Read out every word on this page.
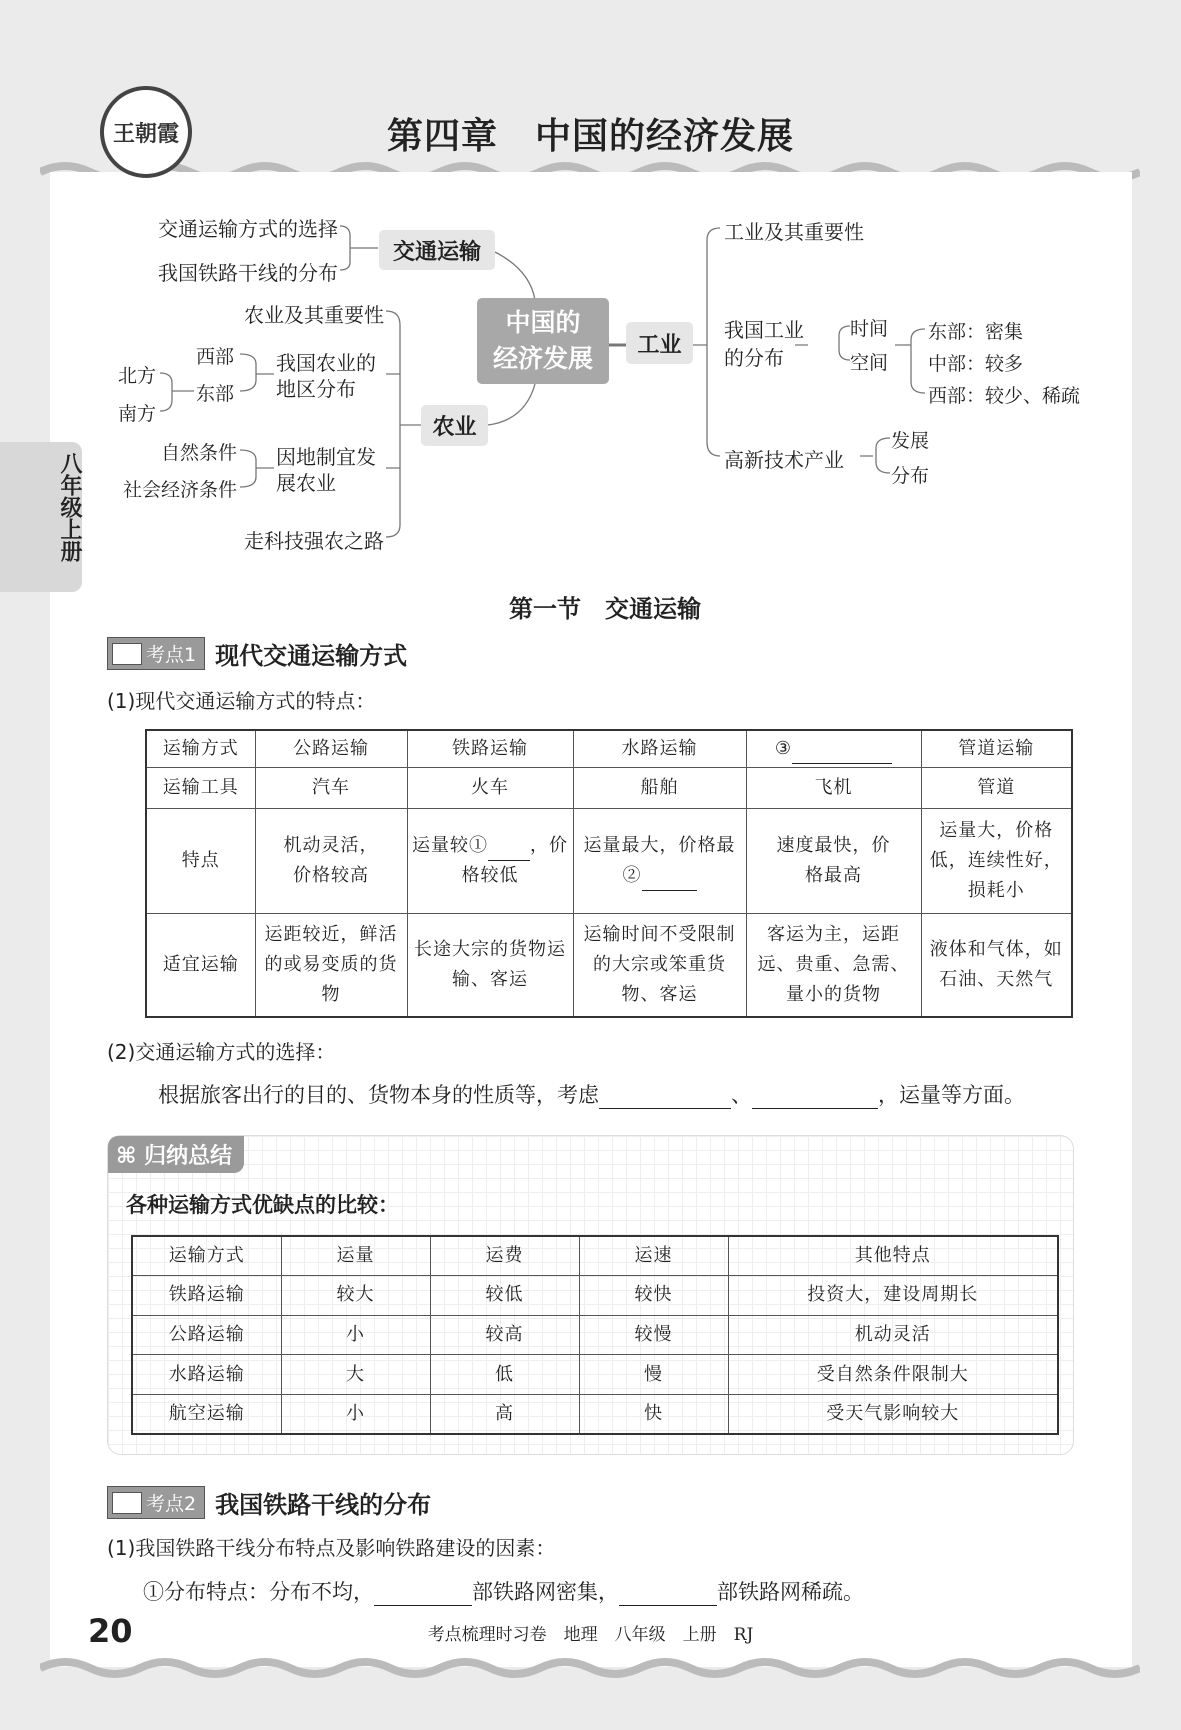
王朝霞	第四章　中国的经济发展
八年级上册
交通运输方式的选择
我国铁路干线的分布
交通运输
中国的
经济发展	工业
农业
工业及其重要性
我国工业
的分布
时间
空间
东部：密集
中部：较多
西部：较少、稀疏
高新技术产业
发展
分布
农业及其重要性
我国农业的
地区分布
西部
东部
北方
南方
自然条件
社会经济条件
因地制宜发
展农业
走科技强农之路
第一节　交通运输
考点1 现代交通运输方式
(1)现代交通运输方式的特点：
运输方式	公路运输	铁路运输	水路运输	③	管道运输
运输工具	汽车	火车	船舶	飞机	管道
特点	机动灵活，价格较高	运量较① ，价格较低	运量最大，价格最②	速度最快，价格最高	运量大，价格低，连续性好，损耗小
适宜运输	运距较近，鲜活的或易变质的货物	长途大宗的货物运输、客运	运输时间不受限制的大宗或笨重货物、客运	客运为主，运距远、贵重、急需、量小的货物	液体和气体，如石油、天然气
(2)交通运输方式的选择：
根据旅客出行的目的、货物本身的性质等，考虑	、	，运量等方面。
⌘ 归纳总结
各种运输方式优缺点的比较：
运输方式	运量	运费	运速	其他特点
铁路运输	较大	较低	较快	投资大，建设周期长
公路运输	小	较高	较慢	机动灵活
水路运输	大	低	慢	受自然条件限制大
航空运输	小	高	快	受天气影响较大
考点2 我国铁路干线的分布
(1)我国铁路干线分布特点及影响铁路建设的因素：
①分布特点：分布不均，	部铁路网密集，	部铁路网稀疏。
20	考点梳理时习卷　地理　八年级　上册　RJ
